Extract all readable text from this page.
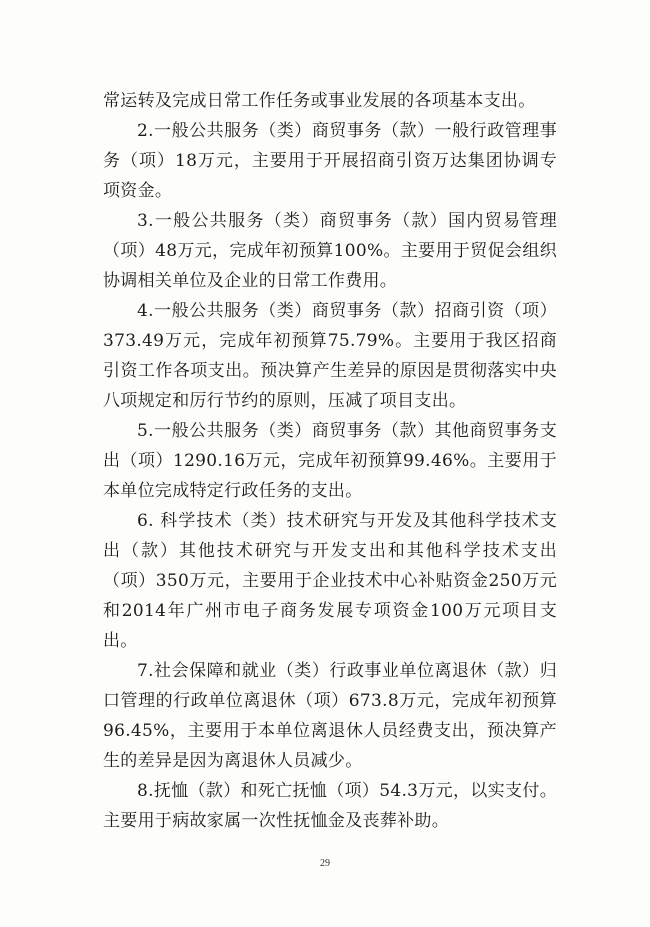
常运转及完成日常工作任务或事业发展的各项基本支出。

2.一般公共服务（类）商贸事务（款）一般行政管理事务（项）18万元，主要用于开展招商引资万达集团协调专项资金。

3.一般公共服务（类）商贸事务（款）国内贸易管理（项）48万元，完成年初预算100%。主要用于贸促会组织协调相关单位及企业的日常工作费用。

4.一般公共服务（类）商贸事务（款）招商引资（项）373.49万元，完成年初预算75.79%。主要用于我区招商引资工作各项支出。预决算产生差异的原因是贯彻落实中央八项规定和厉行节约的原则，压减了项目支出。

5.一般公共服务（类）商贸事务（款）其他商贸事务支出（项）1290.16万元，完成年初预算99.46%。主要用于本单位完成特定行政任务的支出。

6. 科学技术（类）技术研究与开发及其他科学技术支出（款）其他技术研究与开发支出和其他科学技术支出（项）350万元，主要用于企业技术中心补贴资金250万元和2014年广州市电子商务发展专项资金100万元项目支出。

7.社会保障和就业（类）行政事业单位离退休（款）归口管理的行政单位离退休（项）673.8万元，完成年初预算96.45%，主要用于本单位离退休人员经费支出，预决算产生的差异是因为离退休人员减少。

8.抚恤（款）和死亡抚恤（项）54.3万元，以实支付。主要用于病故家属一次性抚恤金及丧葬补助。

29
